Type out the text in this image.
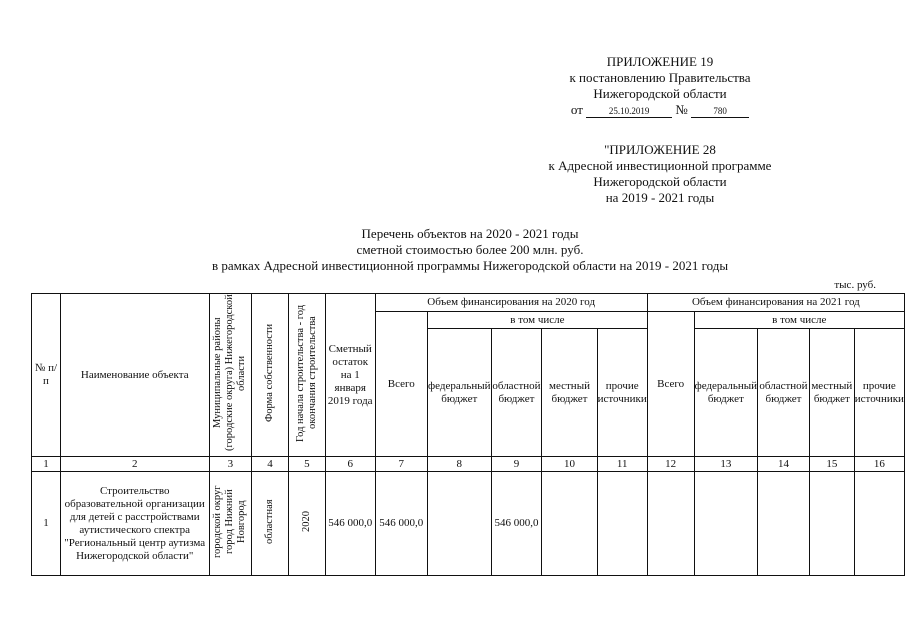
ПРИЛОЖЕНИЕ 19
к постановлению Правительства
Нижегородской области
от	25.10.2019 №	780
"ПРИЛОЖЕНИЕ 28
к Адресной инвестиционной программе
Нижегородской области
на 2019 - 2021 годы
Перечень объектов на 2020 - 2021 годы
сметной стоимостью более 200 млн. руб.
в рамках Адресной инвестиционной программы Нижегородской области на 2019 - 2021 годы
тыс. руб.
№ п/п	Наименование объекта	Муниципальные районы (городские округа) Нижегородской области	Форма собственности	Год начала строительства - год окончания строительства	Сметный остаток на 1 января 2019 года	Объем финансирования на 2020 год					Объем финансирования на 2021 год				
						Всего	в том числе				Всего	в том числе			
							федеральный бюджет	областной бюджет	местный бюджет	прочие источники		федеральный бюджет	областной бюджет	местный бюджет	прочие источники
1	2	3	4	5	6	7	8	9	10	11	12	13	14	15	16
1	Строительство образовательной организации для детей с расстройствами аутистического спектра "Региональный центр аутизма Нижегородской области"	городской округ город Нижний Новгород	областная	2020	546 000,0	546 000,0		546 000,0							
